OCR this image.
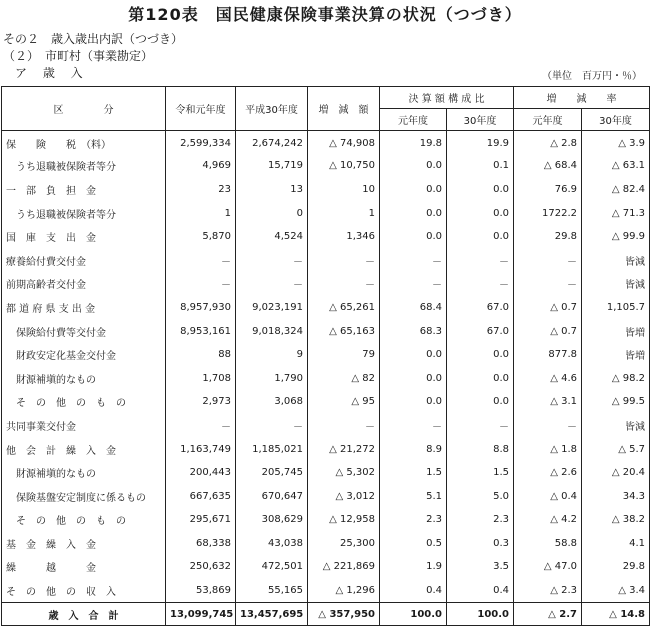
第120表　国民健康保険事業決算の状況（つづき）
その２　歳入歳出内訳（つづき）
（２）　市町村（事業勘定）
ア 歳 入	（単位　百万円・％）
区　　　　分	令和元年度	平成30年度	増　減　額	決 算 額 構 成 比		増　　減　　率	
				元年度	30年度	元年度	30年度
保　　険　　税　（料）	2,599,334	2,674,242	△ 74,908	19.8	19.9	△ 2.8	△ 3.9
うち退職被保険者等分	4,969	15,719	△ 10,750	0.0	0.1	△ 68.4	△ 63.1
一　部　負　担　金	23	13	10	0.0	0.0	76.9	△ 82.4
うち退職被保険者等分	1	0	1	0.0	0.0	1722.2	△ 71.3
国　庫　支　出　金	5,870	4,524	1,346	0.0	0.0	29.8	△ 99.9
療養給付費交付金	－	－	－	－	－	－	皆減
前期高齢者交付金	－	－	－	－	－	－	皆減
都 道 府 県 支 出 金	8,957,930	9,023,191	△ 65,261	68.4	67.0	△ 0.7	1,105.7
保険給付費等交付金	8,953,161	9,018,324	△ 65,163	68.3	67.0	△ 0.7	皆増
財政安定化基金交付金	88	9	79	0.0	0.0	877.8	皆増
財源補塡的なもの	1,708	1,790	△ 82	0.0	0.0	△ 4.6	△ 98.2
そ　の　他　の　も　の	2,973	3,068	△ 95	0.0	0.0	△ 3.1	△ 99.5
共同事業交付金	－	－	－	－	－	－	皆減
他　会　計　繰　入　金	1,163,749	1,185,021	△ 21,272	8.9	8.8	△ 1.8	△ 5.7
財源補塡的なもの	200,443	205,745	△ 5,302	1.5	1.5	△ 2.6	△ 20.4
保険基盤安定制度に係るもの	667,635	670,647	△ 3,012	5.1	5.0	△ 0.4	34.3
そ　の　他　の　も　の	295,671	308,629	△ 12,958	2.3	2.3	△ 4.2	△ 38.2
基　金　繰　入　金	68,338	43,038	25,300	0.5	0.3	58.8	4.1
繰　　　越　　　金	250,632	472,501	△ 221,869	1.9	3.5	△ 47.0	29.8
そ　の　他　の　収　入	53,869	55,165	△ 1,296	0.4	0.4	△ 2.3	△ 3.4
歳　入　合　計	13,099,745	13,457,695	△ 357,950	100.0	100.0	△ 2.7	△ 14.8
